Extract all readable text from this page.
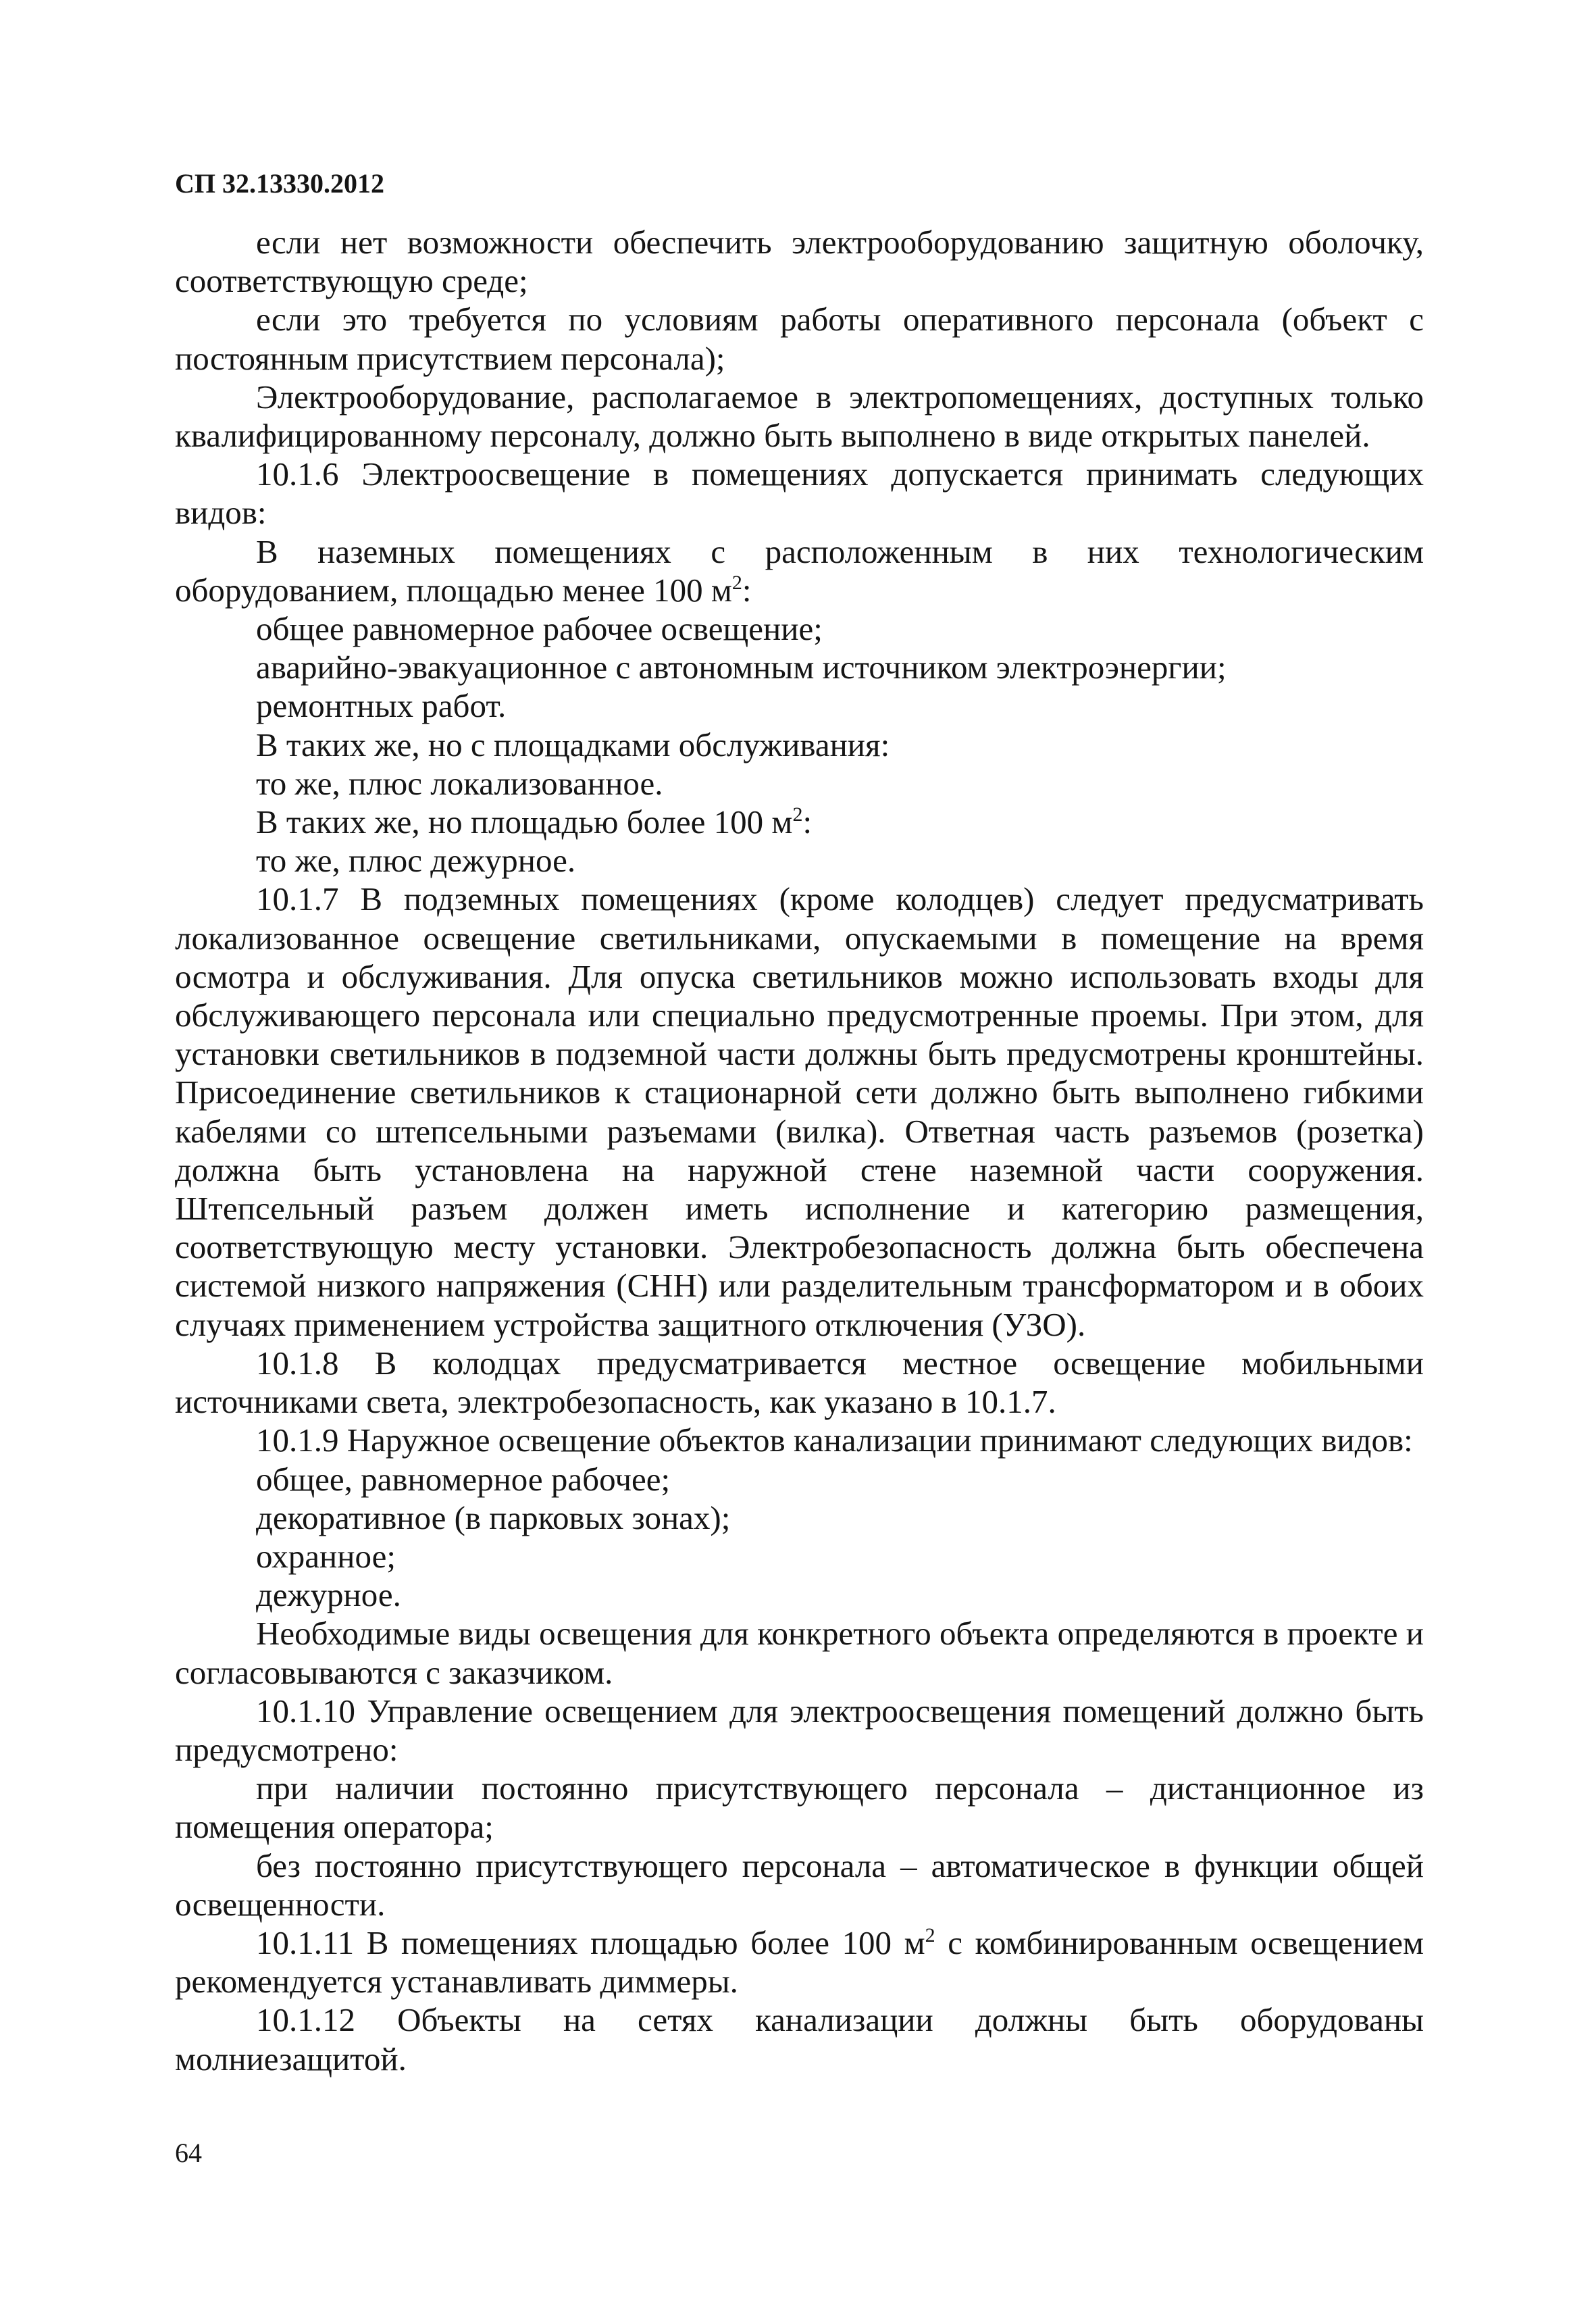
СП 32.13330.2012

если нет возможности обеспечить электрооборудованию защитную оболочку, соответствующую среде;

если это требуется по условиям работы оперативного персонала (объект с постоянным присутствием персонала);

Электрооборудование, располагаемое в электропомещениях, доступных только квалифицированному персоналу, должно быть выполнено в виде открытых панелей.

10.1.6 Электроосвещение в помещениях допускается принимать следующих видов:

В наземных помещениях с расположенным в них технологическим оборудованием, площадью менее 100 $м^2$:

общее равномерное рабочее освещение;

аварийно-эвакуационное с автономным источником электроэнергии;

ремонтных работ.

В таких же, но с площадками обслуживания:

то же, плюс локализованное.

В таких же, но площадью более 100 $м^2$:

то же, плюс дежурное.

10.1.7 В подземных помещениях (кроме колодцев) следует предусматривать локализованное освещение светильниками, опускаемыми в помещение на время осмотра и обслуживания. Для опуска светильников можно использовать входы для обслуживающего персонала или специально предусмотренные проемы. При этом, для установки светильников в подземной части должны быть предусмотрены кронштейны. Присоединение светильников к стационарной сети должно быть выполнено гибкими кабелями со штепсельными разъемами (вилка). Ответная часть разъемов (розетка) должна быть установлена на наружной стене наземной части сооружения. Штепсельный разъем должен иметь исполнение и категорию размещения, соответствующую месту установки. Электробезопасность должна быть обеспечена системой низкого напряжения (СНН) или разделительным трансформатором и в обоих случаях применением устройства защитного отключения (УЗО).

10.1.8 В колодцах предусматривается местное освещение мобильными источниками света, электробезопасность, как указано в 10.1.7.

10.1.9 Наружное освещение объектов канализации принимают следующих видов:

общее, равномерное рабочее;

декоративное (в парковых зонах);

охранное;

дежурное.

Необходимые виды освещения для конкретного объекта определяются в проекте и согласовываются с заказчиком.

10.1.10 Управление освещением для электроосвещения помещений должно быть предусмотрено:

при наличии постоянно присутствующего персонала – дистанционное из помещения оператора;

без постоянно присутствующего персонала – автоматическое в функции общей освещенности.

10.1.11 В помещениях площадью более 100 $м^2$ с комбинированным освещением рекомендуется устанавливать диммеры.

10.1.12 Объекты на сетях канализации должны быть оборудованы молниезащитой.

64
